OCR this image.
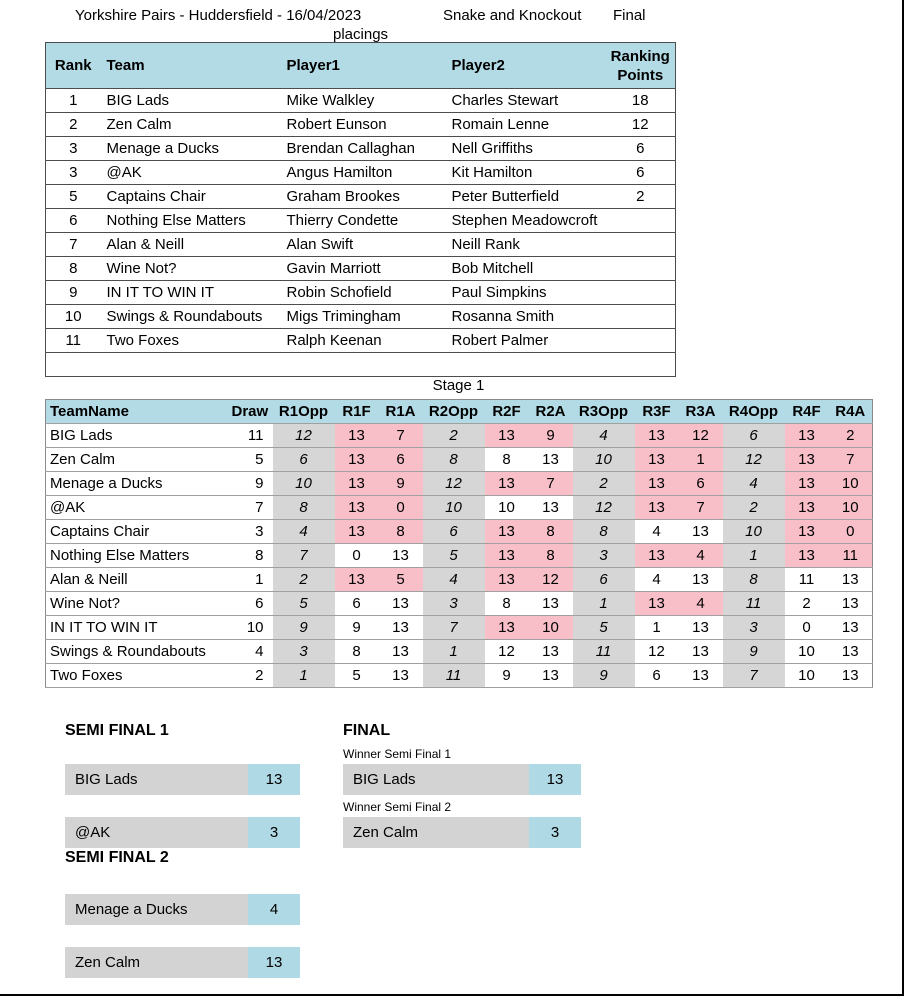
Yorkshire Pairs - Huddersfield - 16/04/2023	Snake and Knockout Final
placings
Rank	Team	Player1	Player2	Ranking Points
1	BIG Lads	Mike Walkley	Charles Stewart	18
2	Zen Calm	Robert Eunson	Romain Lenne	12
3	Menage a Ducks	Brendan Callaghan	Nell Griffiths	6
3	@AK	Angus Hamilton	Kit Hamilton	6
5	Captains Chair	Graham Brookes	Peter Butterfield	2
6	Nothing Else Matters	Thierry Condette	Stephen Meadowcroft	
7	Alan & Neill	Alan Swift	Neill Rank	
8	Wine Not?	Gavin Marriott	Bob Mitchell	
9	IN IT TO WIN IT	Robin Schofield	Paul Simpkins	
10	Swings & Roundabouts	Migs Trimingham	Rosanna Smith	
11	Two Foxes	Ralph Keenan	Robert Palmer	

Stage 1
TeamName	Draw	R1Opp	R1F	R1A	R2Opp	R2F	R2A	R3Opp	R3F	R3A	R4Opp	R4F	R4A
BIG Lads	11	12	13	7	2	13	9	4	13	12	6	13	2
Zen Calm	5	6	13	6	8	8	13	10	13	1	12	13	7
Menage a Ducks	9	10	13	9	12	13	7	2	13	6	4	13	10
@AK	7	8	13	0	10	10	13	12	13	7	2	13	10
Captains Chair	3	4	13	8	6	13	8	8	4	13	10	13	0
Nothing Else Matters	8	7	0	13	5	13	8	3	13	4	1	13	11
Alan & Neill	1	2	13	5	4	13	12	6	4	13	8	11	13
Wine Not?	6	5	6	13	3	8	13	1	13	4	11	2	13
IN IT TO WIN IT	10	9	9	13	7	13	10	5	1	13	3	0	13
Swings & Roundabouts	4	3	8	13	1	12	13	11	12	13	9	10	13
Two Foxes	2	1	5	13	11	9	13	9	6	13	7	10	13
SEMI FINAL 1
BIG Lads	13
@AK	3
SEMI FINAL 2
Menage a Ducks	4
Zen Calm	13
FINAL
Winner Semi Final 1
BIG Lads	13
Winner Semi Final 2
Zen Calm	3
